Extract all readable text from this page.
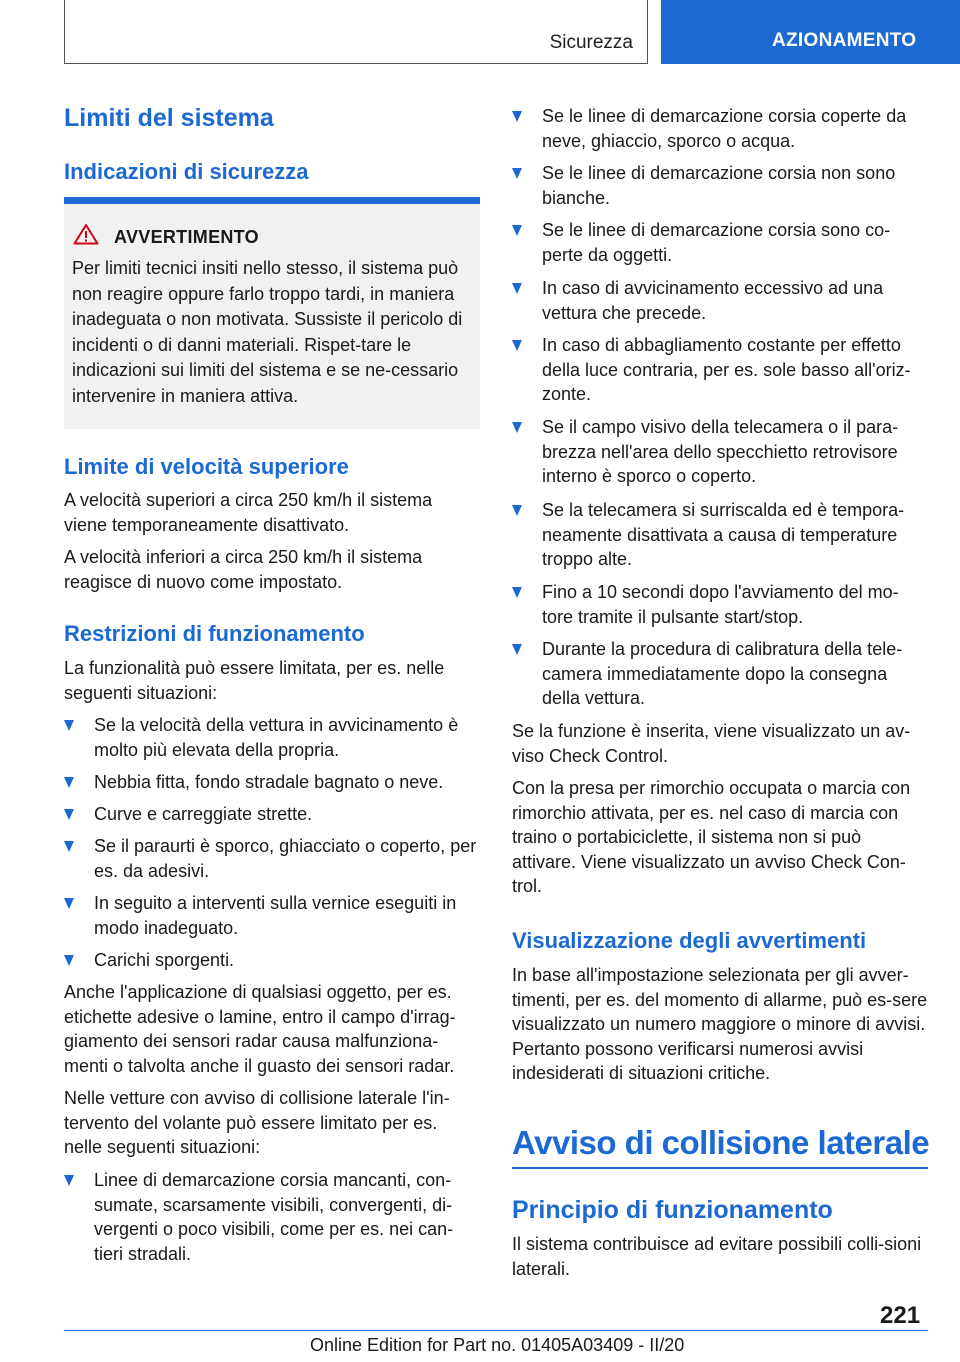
Sicurezza	AZIONAMENTO
Limiti del sistema
Indicazioni di sicurezza
AVVERTIMENTO
Per limiti tecnici insiti nello stesso, il sistema può non reagire oppure farlo troppo tardi, in maniera inadeguata o non motivata. Sussiste il pericolo di incidenti o di danni materiali. Rispet-tare le indicazioni sui limiti del sistema e se ne-cessario intervenire in maniera attiva.
Limite di velocità superiore
A velocità superiori a circa 250 km/h il sistema viene temporaneamente disattivato.
A velocità inferiori a circa 250 km/h il sistema reagisce di nuovo come impostato.
Restrizioni di funzionamento
La funzionalità può essere limitata, per es. nelle seguenti situazioni:
Se la velocità della vettura in avvicinamento è molto più elevata della propria.
Nebbia fitta, fondo stradale bagnato o neve.
Curve e carreggiate strette.
Se il paraurti è sporco, ghiacciato o coperto, per es. da adesivi.
In seguito a interventi sulla vernice eseguiti in modo inadeguato.
Carichi sporgenti.
Anche l'applicazione di qualsiasi oggetto, per es. etichette adesive o lamine, entro il campo d'irrag-giamento dei sensori radar causa malfunziona-menti o talvolta anche il guasto dei sensori radar.
Nelle vetture con avviso di collisione laterale l'in-tervento del volante può essere limitato per es. nelle seguenti situazioni:
Linee di demarcazione corsia mancanti, con-sumate, scarsamente visibili, convergenti, di-vergenti o poco visibili, come per es. nei can-tieri stradali.
Se le linee di demarcazione corsia coperte da neve, ghiaccio, sporco o acqua.
Se le linee di demarcazione corsia non sono bianche.
Se le linee di demarcazione corsia sono co-perte da oggetti.
In caso di avvicinamento eccessivo ad una vettura che precede.
In caso di abbagliamento costante per effetto della luce contraria, per es. sole basso all'oriz-zonte.
Se il campo visivo della telecamera o il para-brezza nell'area dello specchietto retrovisore interno è sporco o coperto.
Se la telecamera si surriscalda ed è tempora-neamente disattivata a causa di temperature troppo alte.
Fino a 10 secondi dopo l'avviamento del mo-tore tramite il pulsante start/stop.
Durante la procedura di calibratura della tele-camera immediatamente dopo la consegna della vettura.
Se la funzione è inserita, viene visualizzato un av-viso Check Control.
Con la presa per rimorchio occupata o marcia con rimorchio attivata, per es. nel caso di marcia con traino o portabiciclette, il sistema non si può attivare. Viene visualizzato un avviso Check Con-trol.
Visualizzazione degli avvertimenti
In base all'impostazione selezionata per gli avver-timenti, per es. del momento di allarme, può es-sere visualizzato un numero maggiore o minore di avvisi. Pertanto possono verificarsi numerosi avvisi indesiderati di situazioni critiche.
Avviso di collisione laterale
Principio di funzionamento
Il sistema contribuisce ad evitare possibili colli-sioni laterali.
221
Online Edition for Part no. 01405A03409 - II/20
